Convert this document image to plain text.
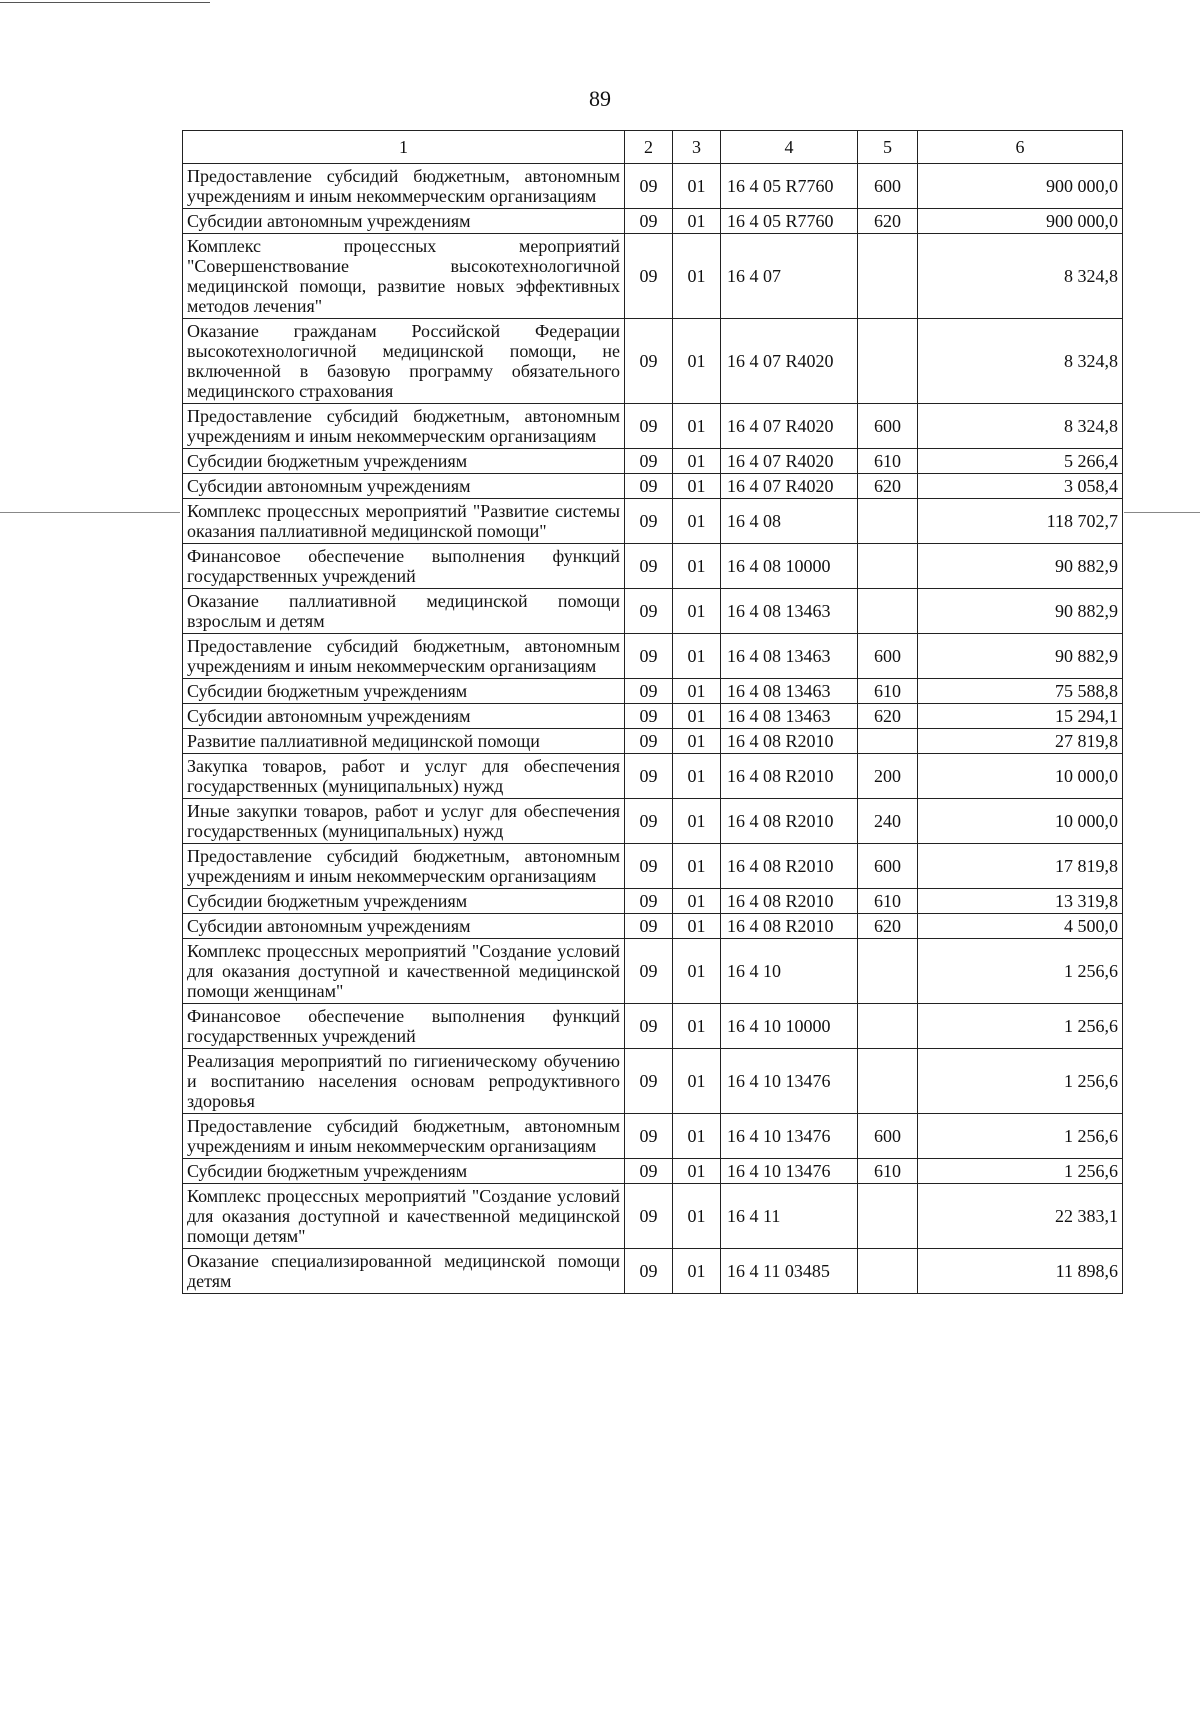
89
1	2	3	4	5	6
Предоставление субсидий бюджетным, автономным учреждениям и иным некоммерческим организациям	09	01	16 4 05 R7760	600	900 000,0
Субсидии автономным учреждениям	09	01	16 4 05 R7760	620	900 000,0
Комплекс процессных мероприятий "Совершенствование высокотехнологичной медицинской помощи, развитие новых эффективных методов лечения"	09	01	16 4 07		8 324,8
Оказание гражданам Российской Федерации высокотехнологичной медицинской помощи, не включенной в базовую программу обязательного медицинского страхования	09	01	16 4 07 R4020		8 324,8
Предоставление субсидий бюджетным, автономным учреждениям и иным некоммерческим организациям	09	01	16 4 07 R4020	600	8 324,8
Субсидии бюджетным учреждениям	09	01	16 4 07 R4020	610	5 266,4
Субсидии автономным учреждениям	09	01	16 4 07 R4020	620	3 058,4
Комплекс процессных мероприятий "Развитие системы оказания паллиативной медицинской помощи"	09	01	16 4 08		118 702,7
Финансовое обеспечение выполнения функций государственных учреждений	09	01	16 4 08 10000		90 882,9
Оказание паллиативной медицинской помощи взрослым и детям	09	01	16 4 08 13463		90 882,9
Предоставление субсидий бюджетным, автономным учреждениям и иным некоммерческим организациям	09	01	16 4 08 13463	600	90 882,9
Субсидии бюджетным учреждениям	09	01	16 4 08 13463	610	75 588,8
Субсидии автономным учреждениям	09	01	16 4 08 13463	620	15 294,1
Развитие паллиативной медицинской помощи	09	01	16 4 08 R2010		27 819,8
Закупка товаров, работ и услуг для обеспечения государственных (муниципальных) нужд	09	01	16 4 08 R2010	200	10 000,0
Иные закупки товаров, работ и услуг для обеспечения государственных (муниципальных) нужд	09	01	16 4 08 R2010	240	10 000,0
Предоставление субсидий бюджетным, автономным учреждениям и иным некоммерческим организациям	09	01	16 4 08 R2010	600	17 819,8
Субсидии бюджетным учреждениям	09	01	16 4 08 R2010	610	13 319,8
Субсидии автономным учреждениям	09	01	16 4 08 R2010	620	4 500,0
Комплекс процессных мероприятий "Создание условий для оказания доступной и качественной медицинской помощи женщинам"	09	01	16 4 10		1 256,6
Финансовое обеспечение выполнения функций государственных учреждений	09	01	16 4 10 10000		1 256,6
Реализация мероприятий по гигиеническому обучению и воспитанию населения основам репродуктивного здоровья	09	01	16 4 10 13476		1 256,6
Предоставление субсидий бюджетным, автономным учреждениям и иным некоммерческим организациям	09	01	16 4 10 13476	600	1 256,6
Субсидии бюджетным учреждениям	09	01	16 4 10 13476	610	1 256,6
Комплекс процессных мероприятий "Создание условий для оказания доступной и качественной медицинской помощи детям"	09	01	16 4 11		22 383,1
Оказание специализированной медицинской помощи детям	09	01	16 4 11 03485		11 898,6
